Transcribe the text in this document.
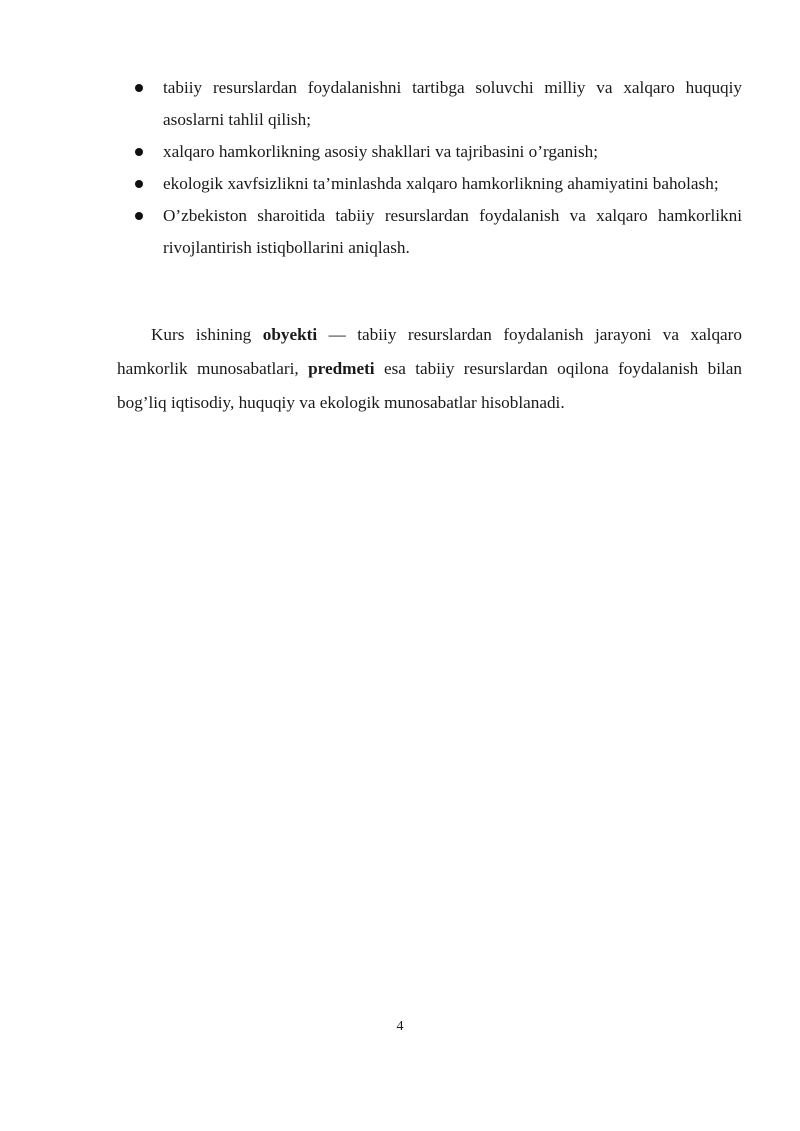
tabiiy resurslardan foydalanishni tartibga soluvchi milliy va xalqaro huquqiy asoslarni tahlil qilish;
xalqaro hamkorlikning asosiy shakllari va tajribasini o’rganish;
ekologik xavfsizlikni ta’minlashda xalqaro hamkorlikning ahamiyatini baholash;
O’zbekiston sharoitida tabiiy resurslardan foydalanish va xalqaro hamkorlikni rivojlantirish istiqbollarini aniqlash.

Kurs ishining obyekti — tabiiy resurslardan foydalanish jarayoni va xalqaro hamkorlik munosabatlari, predmeti esa tabiiy resurslardan oqilona foydalanish bilan bog’liq iqtisodiy, huquqiy va ekologik munosabatlar hisoblanadi.

4
